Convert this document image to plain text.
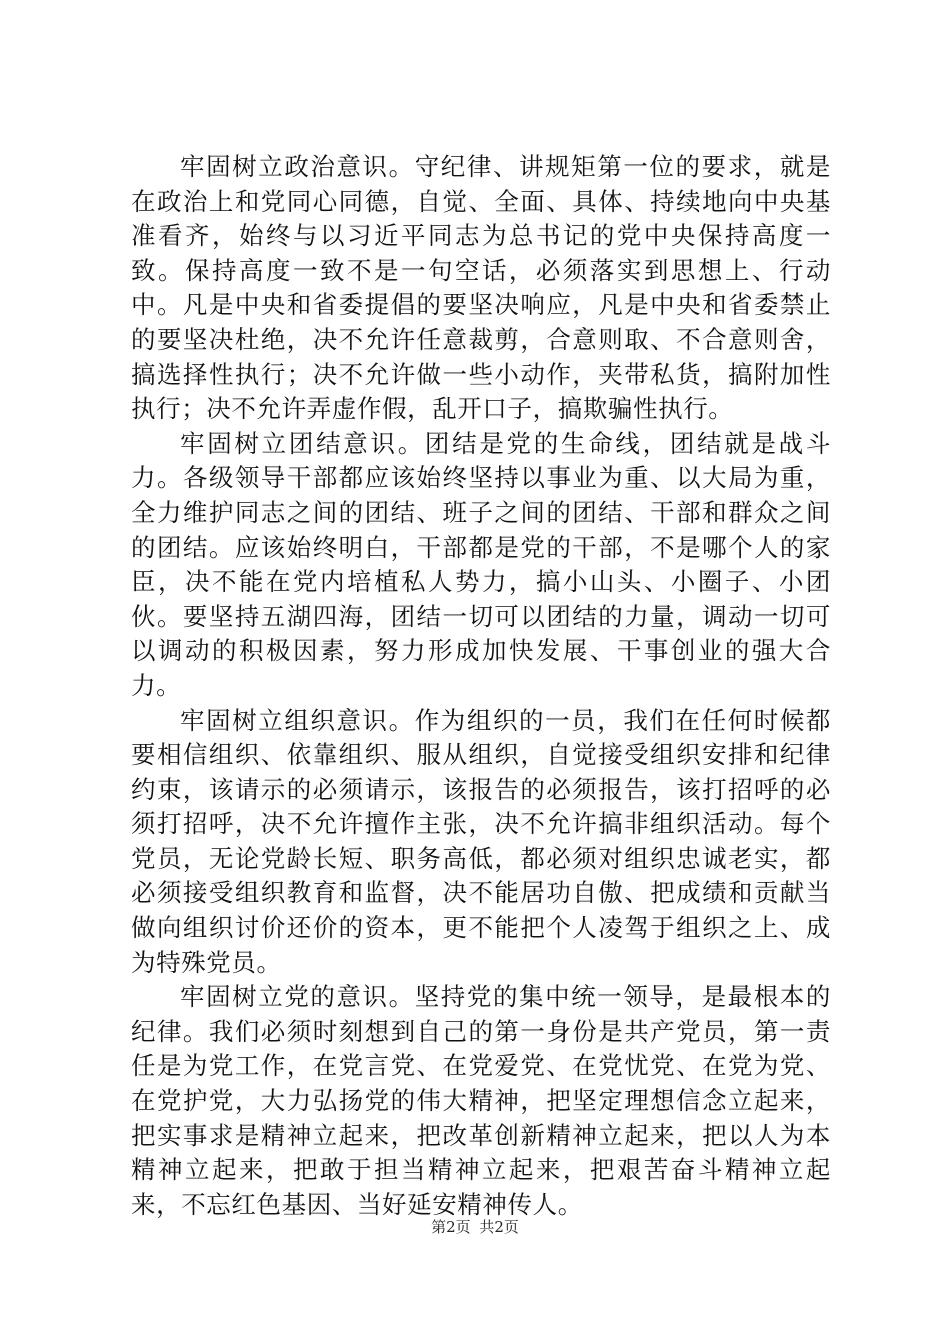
牢固树立政治意识。守纪律、讲规矩第一位的要求，就是在政治上和党同心同德，自觉、全面、具体、持续地向中央基准看齐，始终与以习近平同志为总书记的党中央保持高度一致。保持高度一致不是一句空话，必须落实到思想上、行动中。凡是中央和省委提倡的要坚决响应，凡是中央和省委禁止的要坚决杜绝，决不允许任意裁剪，合意则取、不合意则舍，搞选择性执行；决不允许做一些小动作，夹带私货，搞附加性执行；决不允许弄虚作假，乱开口子，搞欺骗性执行。

牢固树立团结意识。团结是党的生命线，团结就是战斗力。各级领导干部都应该始终坚持以事业为重、以大局为重，全力维护同志之间的团结、班子之间的团结、干部和群众之间的团结。应该始终明白，干部都是党的干部，不是哪个人的家臣，决不能在党内培植私人势力，搞小山头、小圈子、小团伙。要坚持五湖四海，团结一切可以团结的力量，调动一切可以调动的积极因素，努力形成加快发展、干事创业的强大合力。

牢固树立组织意识。作为组织的一员，我们在任何时候都要相信组织、依靠组织、服从组织，自觉接受组织安排和纪律约束，该请示的必须请示，该报告的必须报告，该打招呼的必须打招呼，决不允许擅作主张，决不允许搞非组织活动。每个党员，无论党龄长短、职务高低，都必须对组织忠诚老实，都必须接受组织教育和监督，决不能居功自傲、把成绩和贡献当做向组织讨价还价的资本，更不能把个人凌驾于组织之上、成为特殊党员。

牢固树立党的意识。坚持党的集中统一领导，是最根本的纪律。我们必须时刻想到自己的第一身份是共产党员，第一责任是为党工作，在党言党、在党爱党、在党忧党、在党为党、在党护党，大力弘扬党的伟大精神，把坚定理想信念立起来，把实事求是精神立起来，把改革创新精神立起来，把以人为本精神立起来，把敢于担当精神立起来，把艰苦奋斗精神立起来，不忘红色基因、当好延安精神传人。

第2页 共2页
